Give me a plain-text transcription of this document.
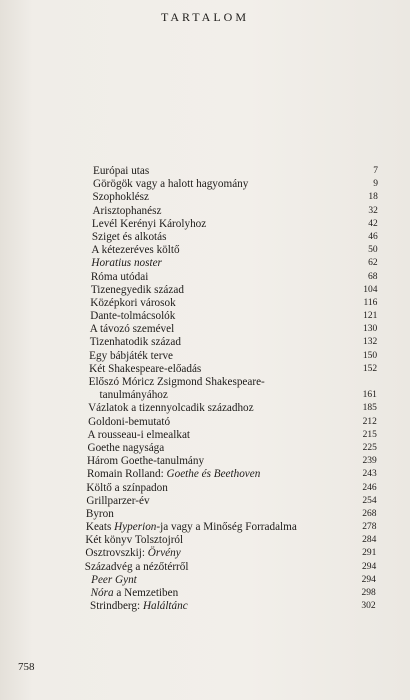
TARTALOM
Európai utas	7
Görögök vagy a halott hagyomány	9
Szophoklész	18
Arisztophanész	32
Levél Kerényi Károlyhoz	42
Sziget és alkotás	46
A kétezeréves költő	50
Horatius noster	62
Róma utódai	68
Tizenegyedik század	104
Középkori városok	116
Dante-tolmácsolók	121
A távozó szemével	130
Tizenhatodik század	132
Egy bábjáték terve	150
Két Shakespeare-előadás	152
Előszó Móricz Zsigmond Shakespeare-
tanulmányához	161
Vázlatok a tizennyolcadik századhoz	185
Goldoni-bemutató	212
A rousseau-i elmealkat	215
Goethe nagysága	225
Három Goethe-tanulmány	239
Romain Rolland: Goethe és Beethoven	243
Költő a színpadon	246
Grillparzer-év	254
Byron	268
Keats Hyperion-ja vagy a Minőség Forradalma	278
Két könyv Tolsztojról	284
Osztrovszkij: Örvény	291
Századvég a nézőtérről	294
Peer Gynt	294
Nóra a Nemzetiben	298
Strindberg: Haláltánc	302
758
